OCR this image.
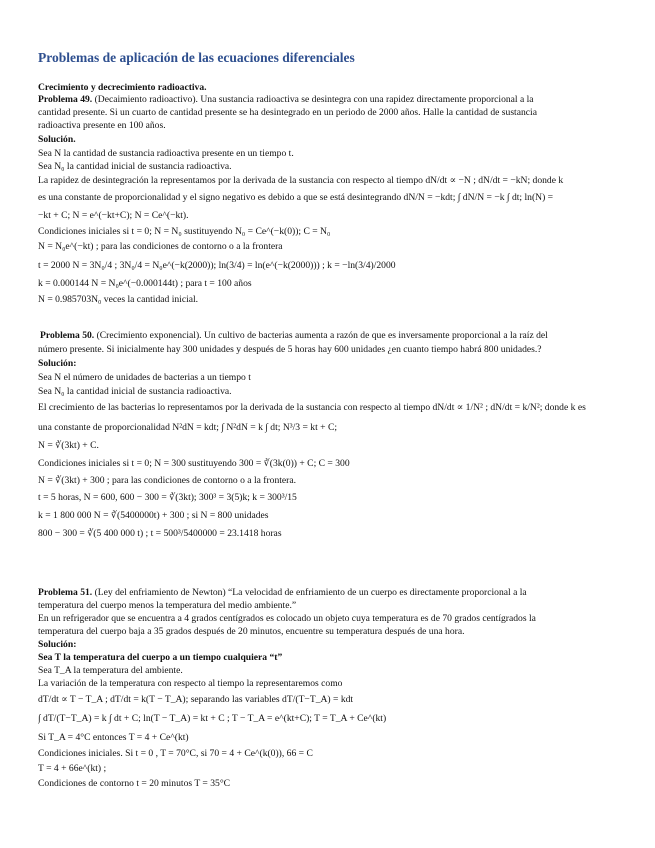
Problemas de aplicación de las ecuaciones diferenciales
Crecimiento y decrecimiento radioactiva.
Problema 49. (Decaimiento radioactivo). Una sustancia radioactiva se desintegra con una rapidez directamente proporcional a la
cantidad presente. Si un cuarto de cantidad presente se ha desintegrado en un periodo de 2000 años. Halle la cantidad de sustancia
radioactiva presente en 100 años.
Solución.
Sea N la cantidad de sustancia radioactiva presente en un tiempo t.
Sea N₀ la cantidad inicial de sustancia radioactiva.
La rapidez de desintegración la representamos por la derivada de la sustancia con respecto al tiempo dN/dt ∝ −N ; dN/dt = −kN; donde k
es una constante de proporcionalidad y el signo negativo es debido a que se está desintegrando dN/N = −kdt; ∫ dN/N = −k ∫ dt; ln(N) =
−kt + C; N = e^(−kt+C); N = Ce^(−kt).
Condiciones iniciales si t = 0; N = N₀ sustituyendo N₀ = Ce^(−k(0)); C = N₀
N = N₀e^(−kt) ; para las condiciones de contorno o a la frontera
t = 2000 N = 3N₀/4 ; 3N₀/4 = N₀e^(−k(2000)); ln(3/4) = ln(e^(−k(2000))) ; k = −ln(3/4)/2000
k = 0.000144 N = N₀e^(−0.000144t) ; para t = 100 años
N = 0.985703N₀ veces la cantidad inicial.
Problema 50. (Crecimiento exponencial). Un cultivo de bacterias aumenta a razón de que es inversamente proporcional a la raíz del
número presente. Si inicialmente hay 300 unidades y después de 5 horas hay 600 unidades ¿en cuanto tiempo habrá 800 unidades.?
Solución:
Sea N el número de unidades de bacterias a un tiempo t
Sea N₀ la cantidad inicial de sustancia radioactiva.
El crecimiento de las bacterias lo representamos por la derivada de la sustancia con respecto al tiempo dN/dt ∝ 1/N² ; dN/dt = k/N²; donde k es
una constante de proporcionalidad N²dN = kdt; ∫ N²dN = k ∫ dt; N³/3 = kt + C;
N = ∛(3kt) + C.
Condiciones iniciales si t = 0; N = 300 sustituyendo 300 = ∛(3k(0)) + C; C = 300
N = ∛(3kt) + 300 ; para las condiciones de contorno o a la frontera.
t = 5 horas, N = 600, 600 − 300 = ∛(3kt); 300³ = 3(5)k; k = 300³/15
k = 1 800 000 N = ∛(5400000t) + 300 ; si N = 800 unidades
800 − 300 = ∛(5 400 000 t) ; t = 500³/5400000 = 23.1418 horas
Problema 51. (Ley del enfriamiento de Newton) “La velocidad de enfriamiento de un cuerpo es directamente proporcional a la
temperatura del cuerpo menos la temperatura del medio ambiente.”
En un refrigerador que se encuentra a 4 grados centígrados es colocado un objeto cuya temperatura es de 70 grados centígrados la
temperatura del cuerpo baja a 35 grados después de 20 minutos, encuentre su temperatura después de una hora.
Solución:
Sea T la temperatura del cuerpo a un tiempo cualquiera “t”
Sea T_A la temperatura del ambiente.
La variación de la temperatura con respecto al tiempo la representaremos como
dT/dt ∝ T − T_A ; dT/dt = k(T − T_A); separando las variables dT/(T−T_A) = kdt
∫ dT/(T−T_A) = k ∫ dt + C; ln(T − T_A) = kt + C ; T − T_A = e^(kt+C); T = T_A + Ce^(kt)
Si T_A = 4°C entonces T = 4 + Ce^(kt)
Condiciones iniciales. Si t = 0 , T = 70°C, si 70 = 4 + Ce^(k(0)), 66 = C
T = 4 + 66e^(kt) ;
Condiciones de contorno t = 20 minutos T = 35°C
